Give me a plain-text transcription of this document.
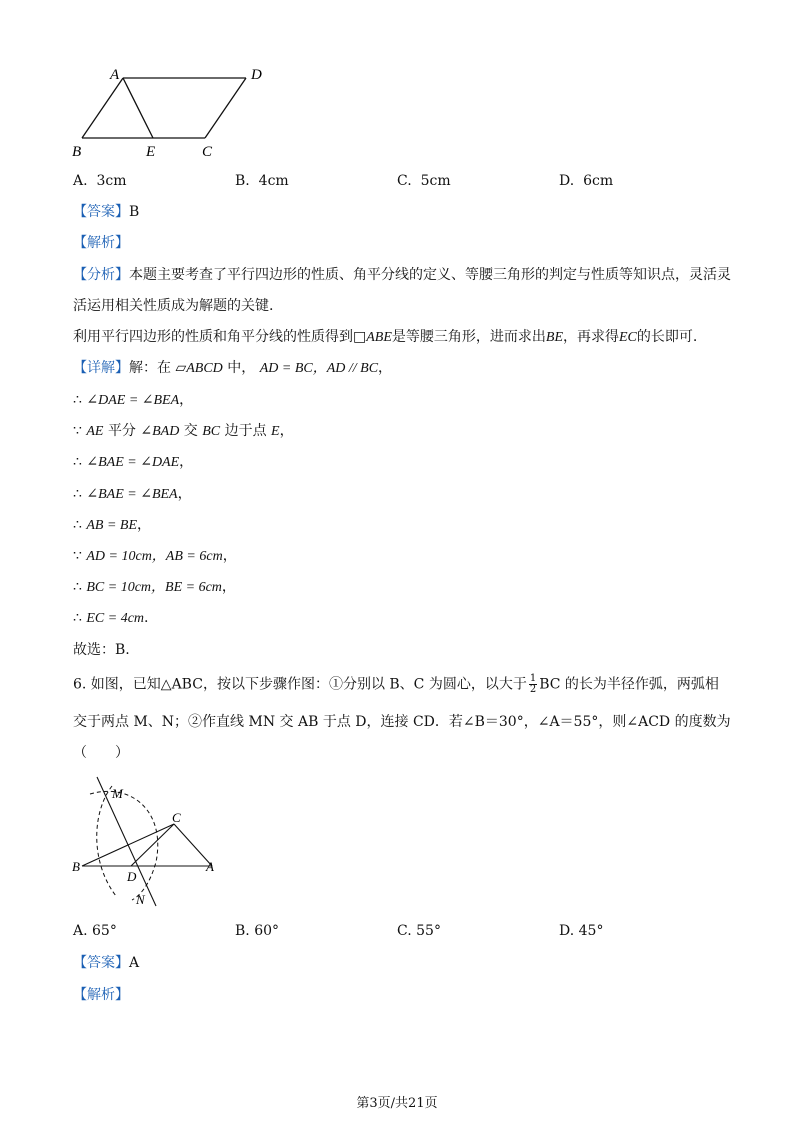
A	D
B	E	C
A. 3cm	B. 4cm	C. 5cm	D. 6cm
【答案】B
【解析】
【分析】本题主要考查了平行四边形的性质、角平分线的定义、等腰三角形的判定与性质等知识点，灵活灵
活运用相关性质成为解题的关键.
利用平行四边形的性质和角平分线的性质得到□ABE是等腰三角形，进而求出BE，再求得EC的长即可.
【详解】解：在 ▱ABCD 中， AD = BC，AD // BC，
∴ ∠DAE = ∠BEA，
∵ AE 平分 ∠BAD 交 BC 边于点 E，
∴ ∠BAE = ∠DAE，
∴ ∠BAE = ∠BEA，
∴ AB = BE，
∵ AD = 10cm，AB = 6cm，
∴ BC = 10cm，BE = 6cm，
∴ EC = 4cm.
故选：B.
6. 如图，已知△ABC，按以下步骤作图：①分别以 B、C 为圆心，以大于 $\frac{1}{2}$ BC 的长为半径作弧，两弧相
交于两点 M、N；②作直线 MN 交 AB 于点 D，连接 CD．若∠B＝30°，∠A＝55°，则∠ACD 的度数为
（　　）
M
C
B
D
A
N
A. 65°	B. 60°	C. 55°	D. 45°
【答案】A
【解析】
第3页/共21页
